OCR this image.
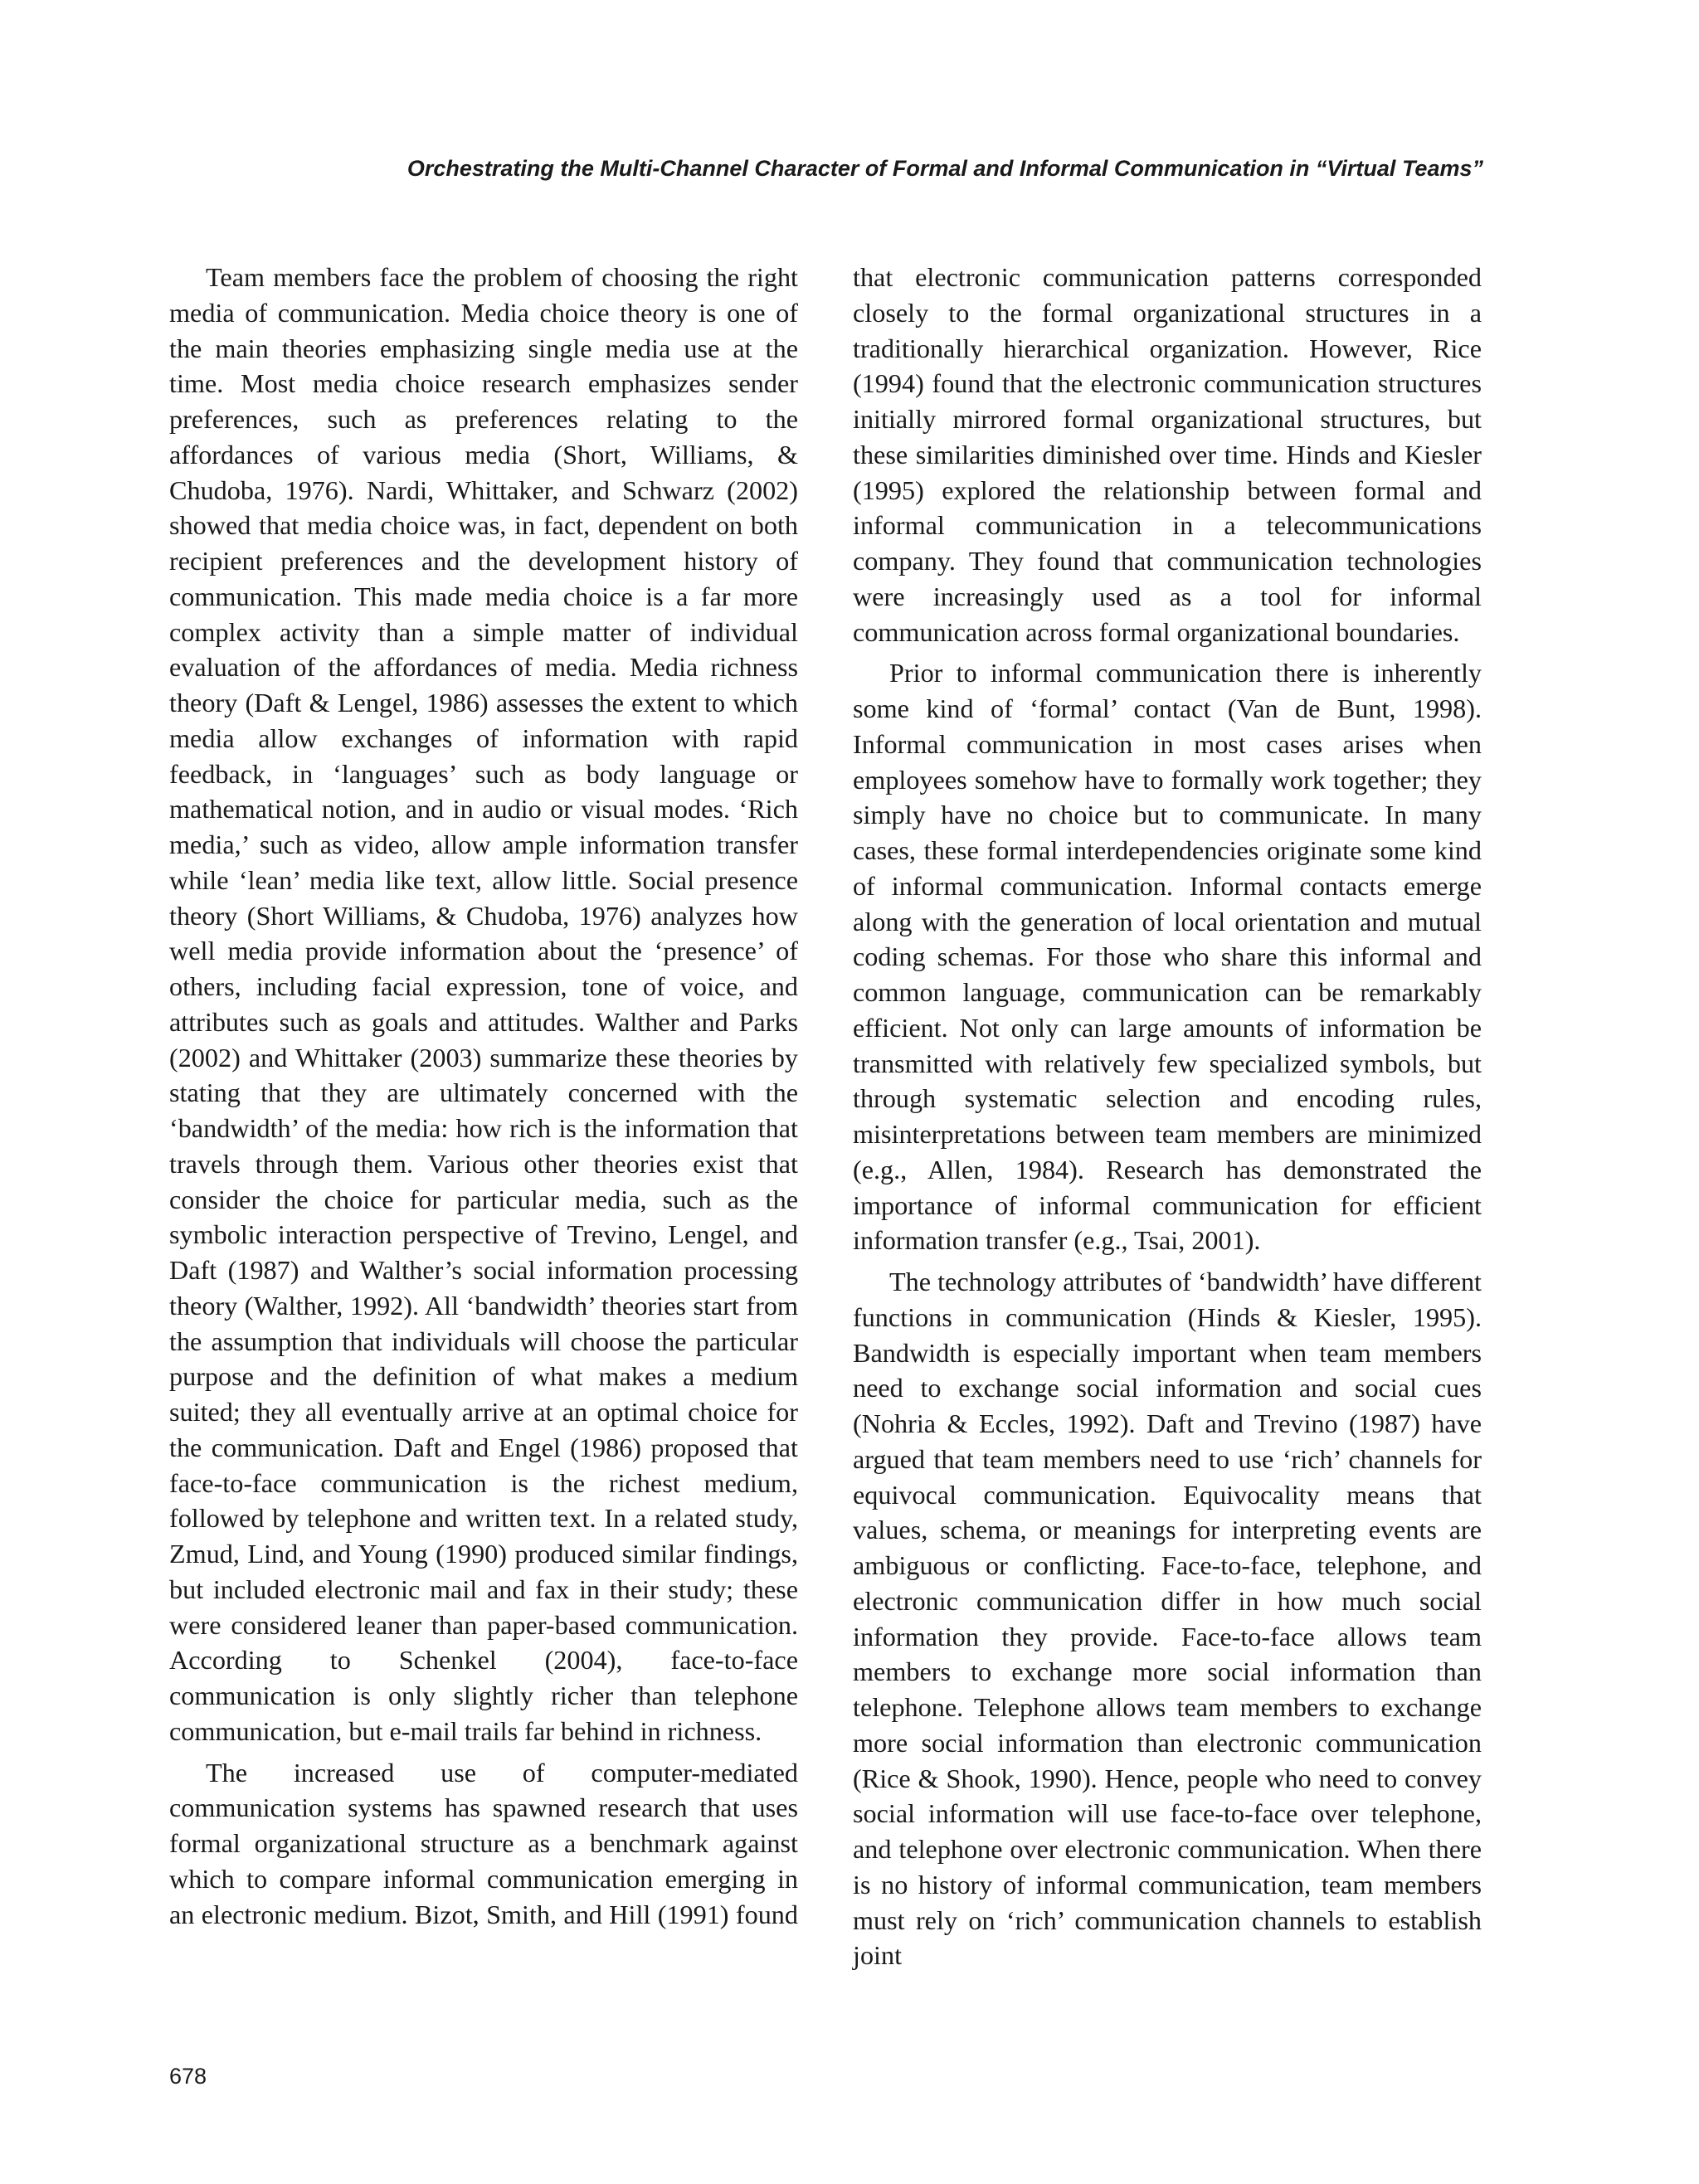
Orchestrating the Multi-Channel Character of Formal and Informal Communication in “Virtual Teams”

Team members face the problem of choosing the right media of communication. Media choice theory is one of the main theories emphasizing single media use at the time. Most media choice research emphasizes sender preferences, such as preferences relating to the affordances of various media (Short, Williams, & Chudoba, 1976). Nardi, Whittaker, and Schwarz (2002) showed that media choice was, in fact, dependent on both recipient preferences and the development history of communication. This made media choice is a far more complex activity than a simple matter of individual evaluation of the affordances of media. Media richness theory (Daft & Lengel, 1986) assesses the extent to which media allow exchanges of information with rapid feedback, in ‘languages’ such as body language or mathematical notion, and in audio or visual modes. ‘Rich media,’ such as video, allow ample information transfer while ‘lean’ media like text, allow little. Social presence theory (Short Williams, & Chudoba, 1976) analyzes how well media provide information about the ‘presence’ of others, including facial expression, tone of voice, and attributes such as goals and attitudes. Walther and Parks (2002) and Whittaker (2003) summarize these theories by stating that they are ultimately concerned with the ‘bandwidth’ of the media: how rich is the information that travels through them. Various other theories exist that consider the choice for particular media, such as the symbolic interaction perspective of Trevino, Lengel, and Daft (1987) and Walther’s social information processing theory (Walther, 1992). All ‘bandwidth’ theories start from the assumption that individuals will choose the particular purpose and the definition of what makes a medium suited; they all eventually arrive at an optimal choice for the communication. Daft and Engel (1986) proposed that face-to-face communication is the richest medium, followed by telephone and written text. In a related study, Zmud, Lind, and Young (1990) produced similar findings, but included electronic mail and fax in their study; these were considered leaner than paper-based communication. According to Schenkel (2004), face-to-face communication is only slightly richer than telephone communication, but e-mail trails far behind in richness.

The increased use of computer-mediated communication systems has spawned research that uses formal organizational structure as a benchmark against which to compare informal communication emerging in an electronic medium. Bizot, Smith, and Hill (1991) found

that electronic communication patterns corresponded closely to the formal organizational structures in a traditionally hierarchical organization. However, Rice (1994) found that the electronic communication structures initially mirrored formal organizational structures, but these similarities diminished over time. Hinds and Kiesler (1995) explored the relationship between formal and informal communication in a telecommunications company. They found that communication technologies were increasingly used as a tool for informal communication across formal organizational boundaries.

Prior to informal communication there is inherently some kind of ‘formal’ contact (Van de Bunt, 1998). Informal communication in most cases arises when employees somehow have to formally work together; they simply have no choice but to communicate. In many cases, these formal interdependencies originate some kind of informal communication. Informal contacts emerge along with the generation of local orientation and mutual coding schemas. For those who share this informal and common language, communication can be remarkably efficient. Not only can large amounts of information be transmitted with relatively few specialized symbols, but through systematic selection and encoding rules, misinterpretations between team members are minimized (e.g., Allen, 1984). Research has demonstrated the importance of informal communication for efficient information transfer (e.g., Tsai, 2001).

The technology attributes of ‘bandwidth’ have different functions in communication (Hinds & Kiesler, 1995). Bandwidth is especially important when team members need to exchange social information and social cues (Nohria & Eccles, 1992). Daft and Trevino (1987) have argued that team members need to use ‘rich’ channels for equivocal communication. Equivocality means that values, schema, or meanings for interpreting events are ambiguous or conflicting. Face-to-face, telephone, and electronic communication differ in how much social information they provide. Face-to-face allows team members to exchange more social information than telephone. Telephone allows team members to exchange more social information than electronic communication (Rice & Shook, 1990). Hence, people who need to convey social information will use face-to-face over telephone, and telephone over electronic communication. When there is no history of informal communication, team members must rely on ‘rich’ communication channels to establish joint

678
